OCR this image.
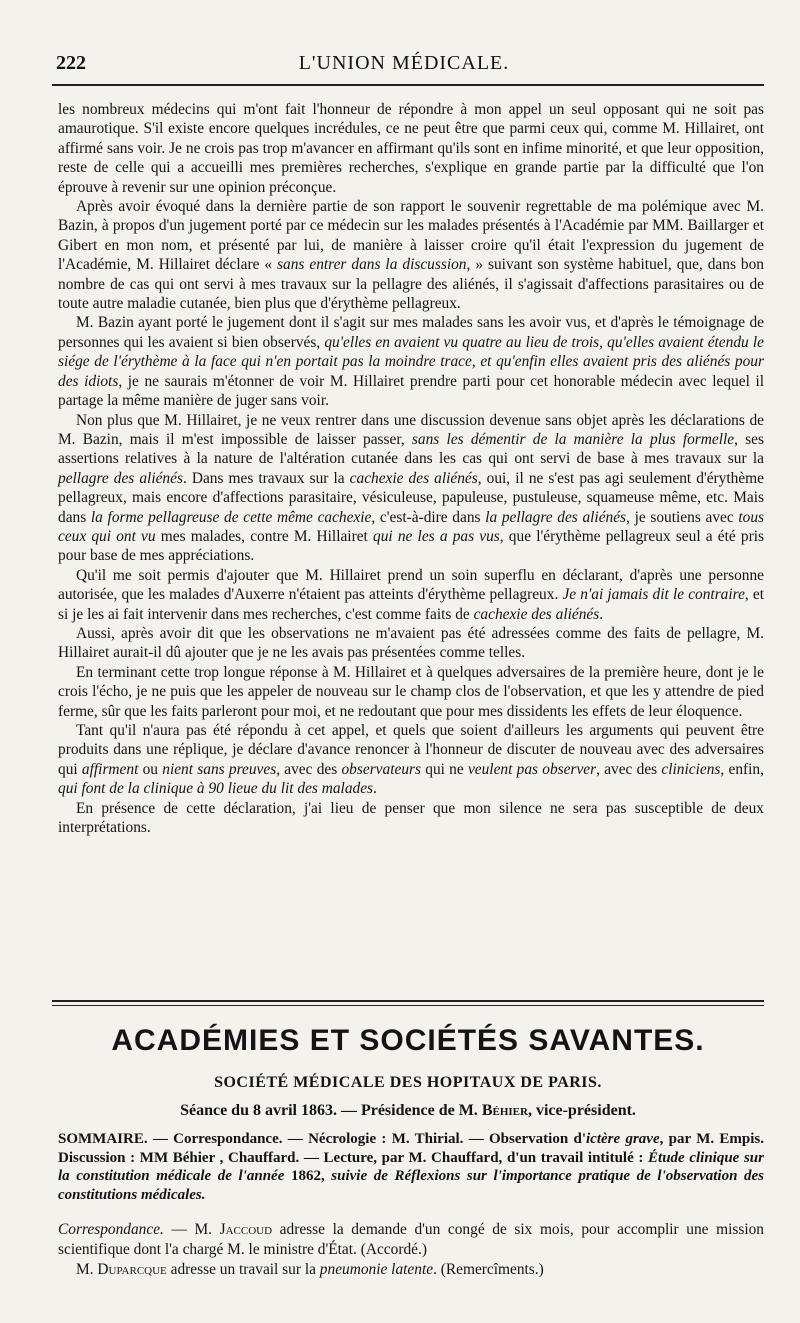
222	L'UNION MÉDICALE.

les nombreux médecins qui m'ont fait l'honneur de répondre à mon appel un seul opposant qui ne soit pas amaurotique. S'il existe encore quelques incrédules, ce ne peut être que parmi ceux qui, comme M. Hillairet, ont affirmé sans voir. Je ne crois pas trop m'avancer en affirmant qu'ils sont en infime minorité, et que leur opposition, reste de celle qui a accueilli mes premières recherches, s'explique en grande partie par la difficulté que l'on éprouve à revenir sur une opinion préconçue.

Après avoir évoqué dans la dernière partie de son rapport le souvenir regrettable de ma polémique avec M. Bazin, à propos d'un jugement porté par ce médecin sur les malades présentés à l'Académie par MM. Baillarger et Gibert en mon nom, et présenté par lui, de manière à laisser croire qu'il était l'expression du jugement de l'Académie, M. Hillairet déclare « sans entrer dans la discussion, » suivant son système habituel, que, dans bon nombre de cas qui ont servi à mes travaux sur la pellagre des aliénés, il s'agissait d'affections parasitaires ou de toute autre maladie cutanée, bien plus que d'érythème pellagreux.

M. Bazin ayant porté le jugement dont il s'agit sur mes malades sans les avoir vus, et d'après le témoignage de personnes qui les avaient si bien observés, qu'elles en avaient vu quatre au lieu de trois, qu'elles avaient étendu le siége de l'érythème à la face qui n'en portait pas la moindre trace, et qu'enfin elles avaient pris des aliénés pour des idiots, je ne saurais m'étonner de voir M. Hillairet prendre parti pour cet honorable médecin avec lequel il partage la même manière de juger sans voir.

Non plus que M. Hillairet, je ne veux rentrer dans une discussion devenue sans objet après les déclarations de M. Bazin, mais il m'est impossible de laisser passer, sans les démentir de la manière la plus formelle, ses assertions relatives à la nature de l'altération cutanée dans les cas qui ont servi de base à mes travaux sur la pellagre des aliénés. Dans mes travaux sur la cachexie des aliénés, oui, il ne s'est pas agi seulement d'érythème pellagreux, mais encore d'affections parasitaire, vésiculeuse, papuleuse, pustuleuse, squameuse même, etc. Mais dans la forme pellagreuse de cette même cachexie, c'est-à-dire dans la pellagre des aliénés, je soutiens avec tous ceux qui ont vu mes malades, contre M. Hillairet qui ne les a pas vus, que l'érythème pellagreux seul a été pris pour base de mes appréciations.

Qu'il me soit permis d'ajouter que M. Hillairet prend un soin superflu en déclarant, d'après une personne autorisée, que les malades d'Auxerre n'étaient pas atteints d'érythème pellagreux. Je n'ai jamais dit le contraire, et si je les ai fait intervenir dans mes recherches, c'est comme faits de cachexie des aliénés.

Aussi, après avoir dit que les observations ne m'avaient pas été adressées comme des faits de pellagre, M. Hillairet aurait-il dû ajouter que je ne les avais pas présentées comme telles.

En terminant cette trop longue réponse à M. Hillairet et à quelques adversaires de la première heure, dont je le crois l'écho, je ne puis que les appeler de nouveau sur le champ clos de l'observation, et que les y attendre de pied ferme, sûr que les faits parleront pour moi, et ne redoutant que pour mes dissidents les effets de leur éloquence.

Tant qu'il n'aura pas été répondu à cet appel, et quels que soient d'ailleurs les arguments qui peuvent être produits dans une réplique, je déclare d'avance renoncer à l'honneur de discuter de nouveau avec des adversaires qui affirment ou nient sans preuves, avec des observateurs qui ne veulent pas observer, avec des cliniciens, enfin, qui font de la clinique à 90 lieue du lit des malades.

En présence de cette déclaration, j'ai lieu de penser que mon silence ne sera pas susceptible de deux interprétations.

ACADÉMIES ET SOCIÉTÉS SAVANTES.
SOCIÉTÉ MÉDICALE DES HOPITAUX DE PARIS.
Séance du 8 avril 1863. — Présidence de M. Béhier, vice-président.
SOMMAIRE. — Correspondance. — Nécrologie : M. Thirial. — Observation d'ictère grave, par M. Empis. Discussion : MM Béhier , Chauffard. — Lecture, par M. Chauffard, d'un travail intitulé : Étude clinique sur la constitution médicale de l'année 1862, suivie de Réflexions sur l'importance pratique de l'observation des constitutions médicales.

Correspondance. — M. Jaccoud adresse la demande d'un congé de six mois, pour accomplir une mission scientifique dont l'a chargé M. le ministre d'État. (Accordé.)

M. Duparcque adresse un travail sur la pneumonie latente. (Remercîments.)
